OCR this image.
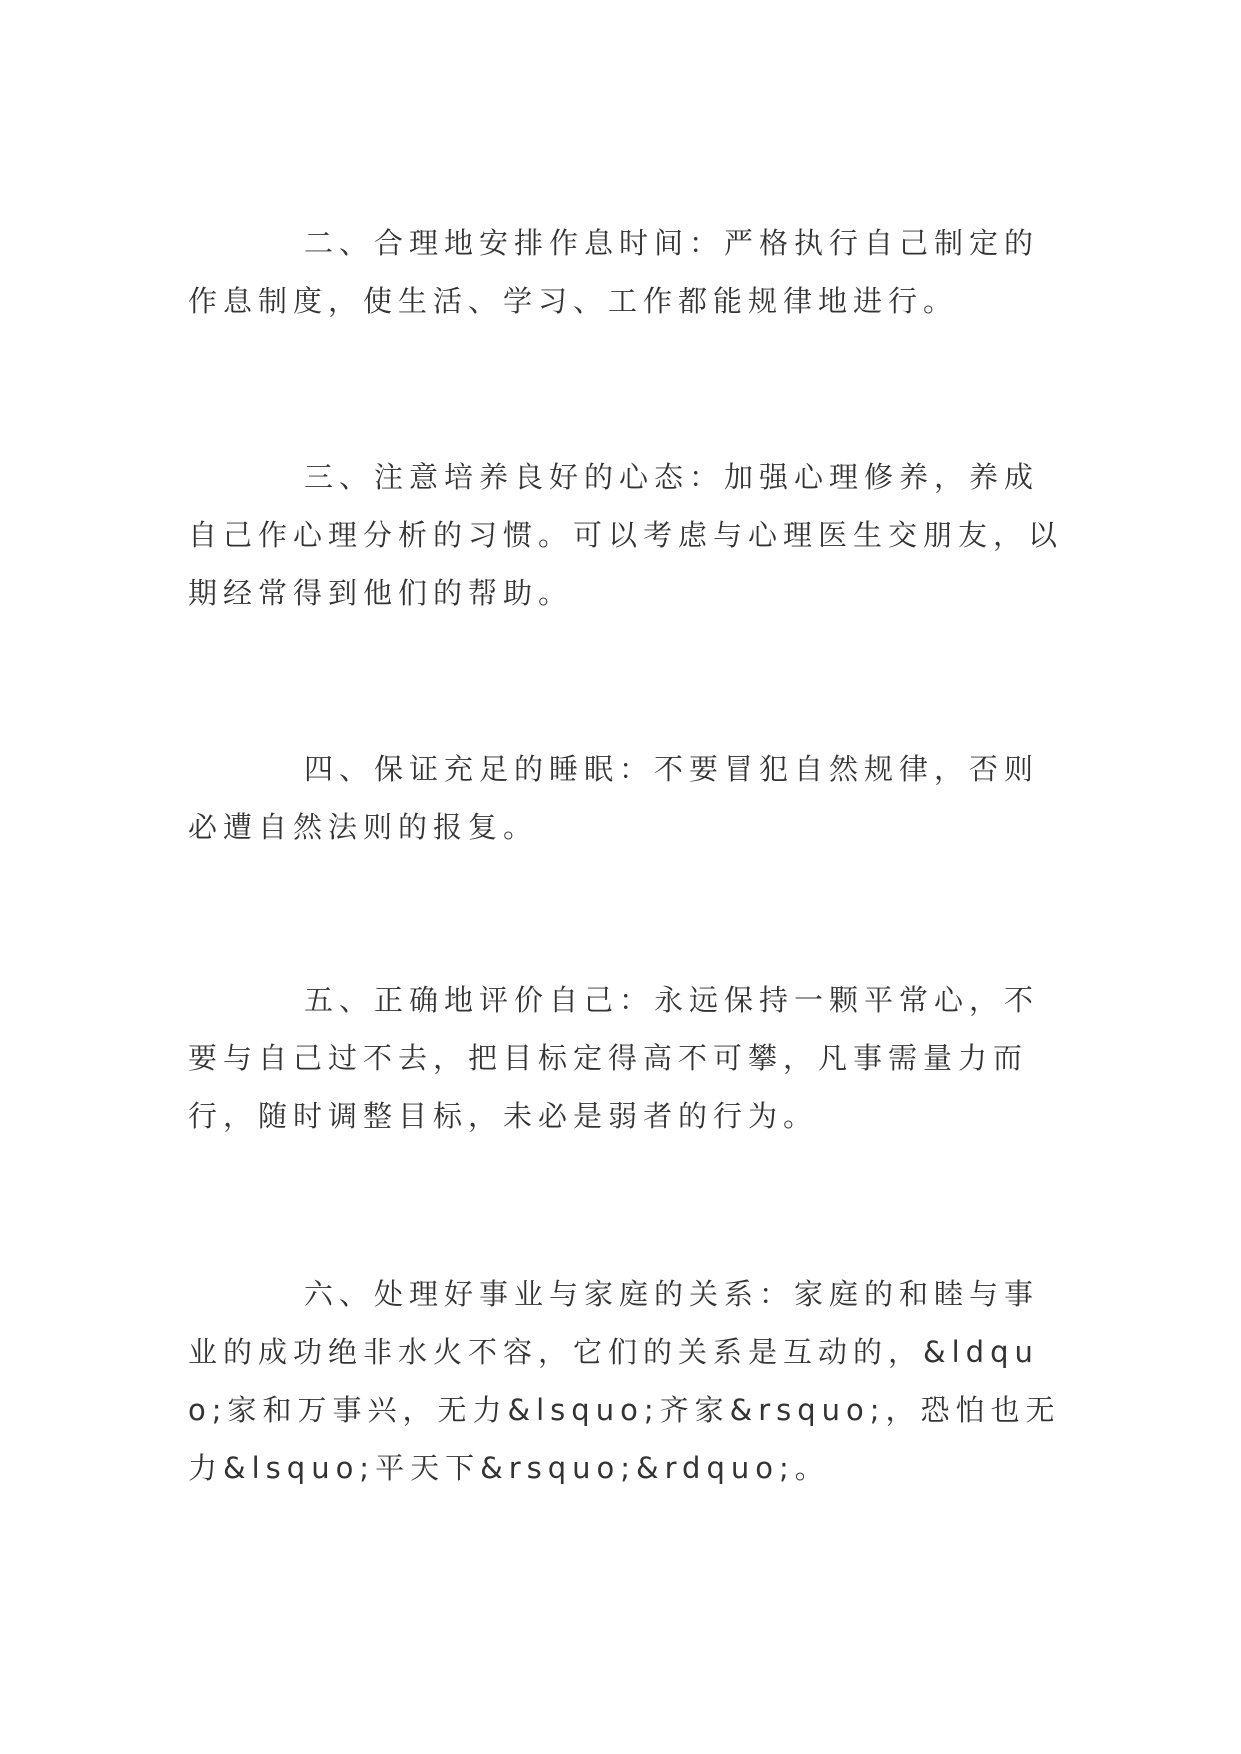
二、合理地安排作息时间：严格执行自己制定的作息制度，使生活、学习、工作都能规律地进行。

三、注意培养良好的心态：加强心理修养，养成自己作心理分析的习惯。可以考虑与心理医生交朋友，以期经常得到他们的帮助。

四、保证充足的睡眠：不要冒犯自然规律，否则必遭自然法则的报复。

五、正确地评价自己：永远保持一颗平常心，不要与自己过不去，把目标定得高不可攀，凡事需量力而行，随时调整目标，未必是弱者的行为。

六、处理好事业与家庭的关系：家庭的和睦与事业的成功绝非水火不容，它们的关系是互动的，&ldquo;家和万事兴，无力&lsquo;齐家&rsquo;，恐怕也无力&lsquo;平天下&rsquo;&rdquo;。
